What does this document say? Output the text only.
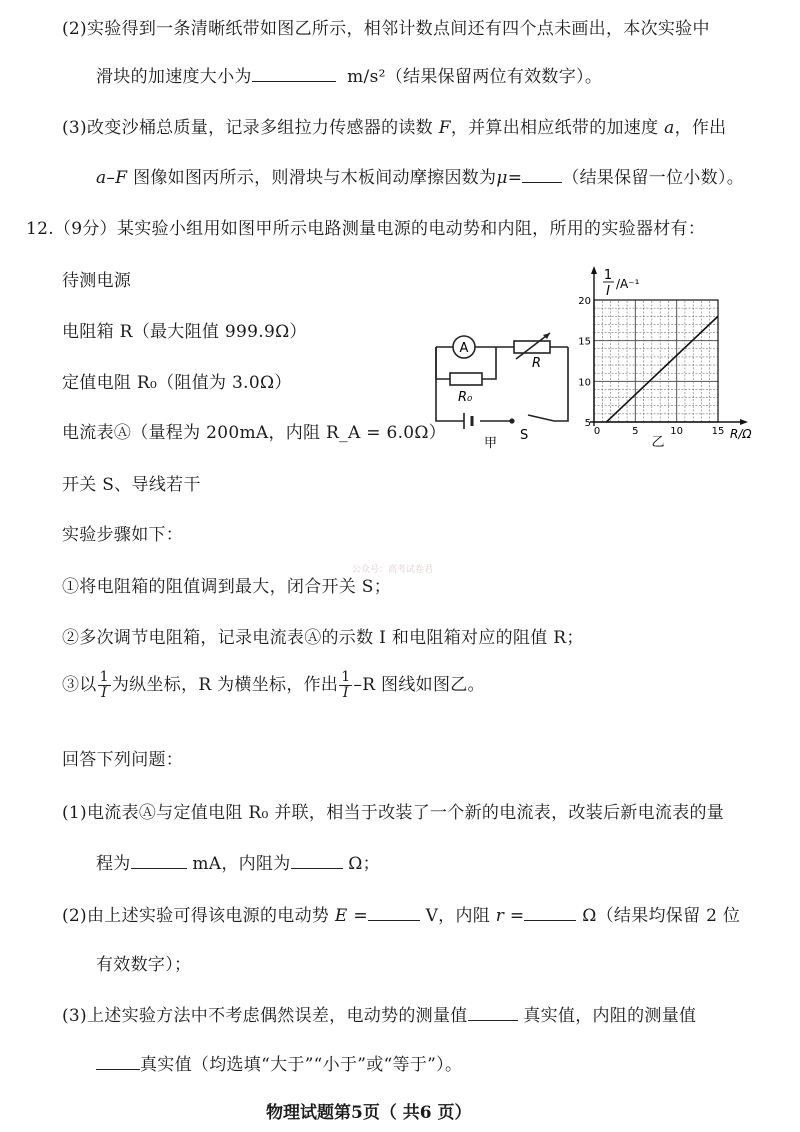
(2)实验得到一条清晰纸带如图乙所示，相邻计数点间还有四个点未画出，本次实验中
滑块的加速度大小为	m/s²（结果保留两位有效数字）。
(3)改变沙桶总质量，记录多组拉力传感器的读数 F，并算出相应纸带的加速度 a，作出
a–F 图像如图丙所示，则滑块与木板间动摩擦因数为μ= （结果保留一位小数）。
12.（9分）某实验小组用如图甲所示电路测量电源的电动势和内阻，所用的实验器材有：
待测电源
电阻箱 R（最大阻值 999.9Ω）
定值电阻 R₀（阻值为 3.0Ω）
电流表Ⓐ（量程为 200mA，内阻 R_A = 6.0Ω）
开关 S、导线若干
A
R
R₀
S
甲
0	5	10	15
5
10
15
20
1
I /A⁻¹
R/Ω
乙
实验步骤如下：
公众号：高考试卷君
①将电阻箱的阻值调到最大，闭合开关 S；
②多次调节电阻箱，记录电流表Ⓐ的示数 I 和电阻箱对应的阻值 R；
③以 $\frac{1}{I}$ 为纵坐标，R 为横坐标，作出 $\frac{1}{I} -R$ 图线如图乙。
回答下列问题：
(1)电流表Ⓐ与定值电阻 R₀ 并联，相当于改装了一个新的电流表，改装后新电流表的量
程为	mA，内阻为	Ω；
(2)由上述实验可得该电源的电动势 E =	V，内阻 r =	Ω（结果均保留 2 位
有效数字）；
(3)上述实验方法中不考虑偶然误差，电动势的测量值	真实值，内阻的测量值
真实值（均选填“大于”“小于”或“等于”）。
物理试题第5页（ 共6 页）
